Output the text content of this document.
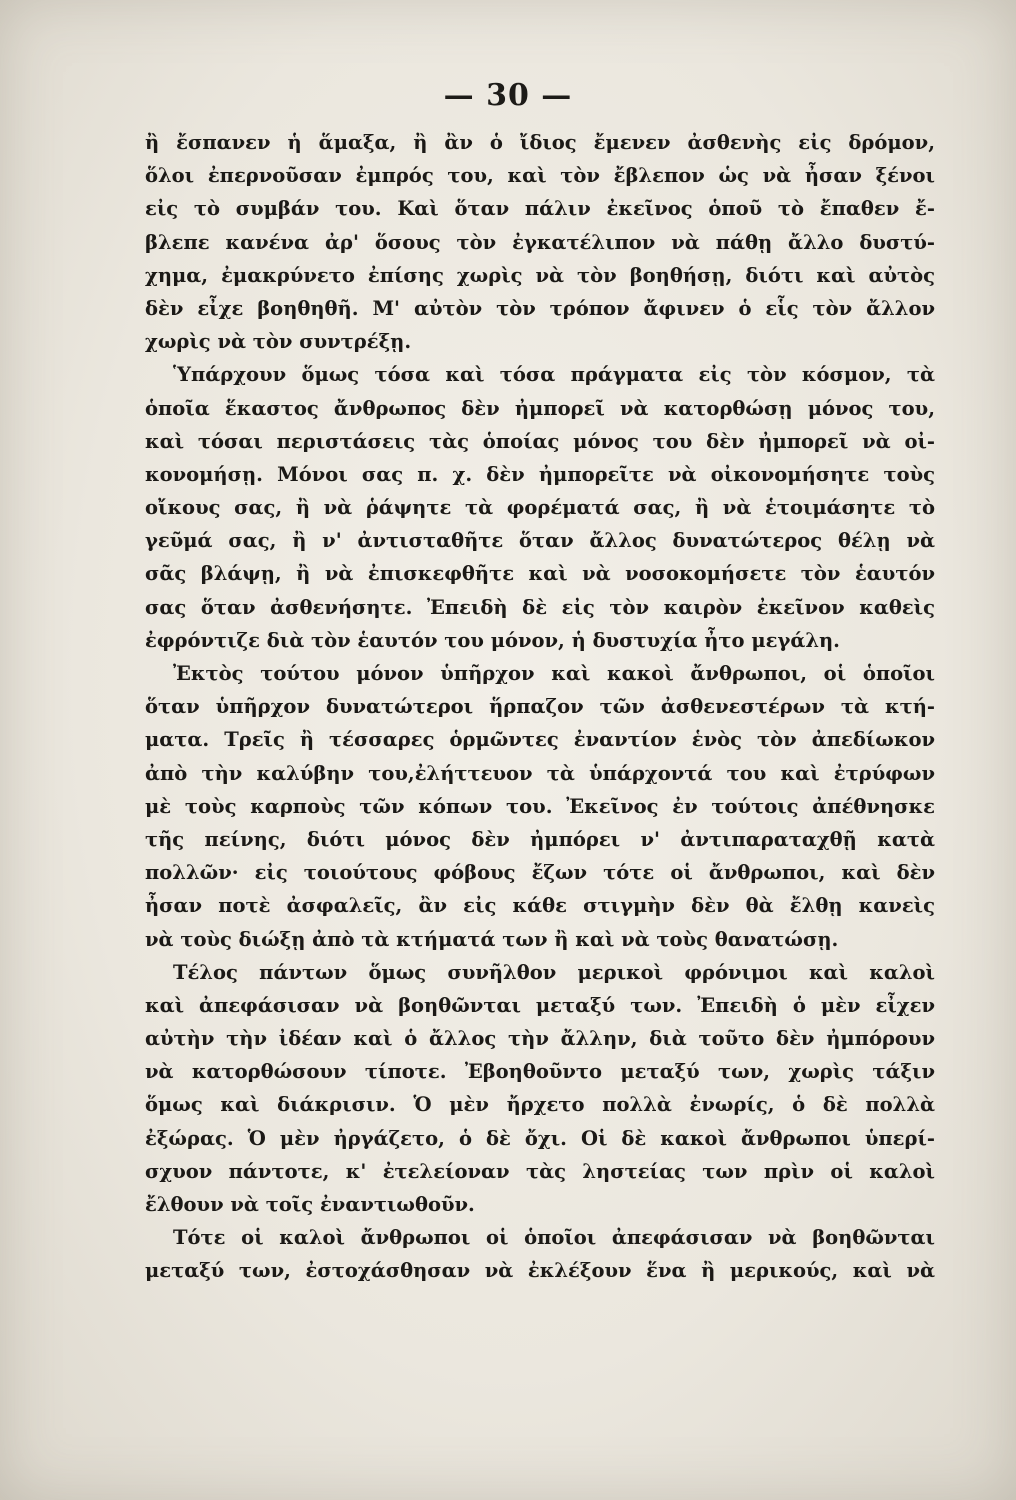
— 30 —
ἢ ἔσπανεν ἡ ἅμαξα, ἢ ἂν ὁ ἴδιος ἔμενεν ἀσθενὴς εἰς δρόμον,
ὅλοι ἐπερνοῦσαν ἐμπρός του, καὶ τὸν ἔβλεπον ὡς νὰ ἦσαν ξένοι
εἰς τὸ συμβάν του. Καὶ ὅταν πάλιν ἐκεῖνος ὁποῦ τὸ ἔπαθεν ἔ-
βλεπε κανένα ἀρ' ὅσους τὸν ἐγκατέλιπον νὰ πάθῃ ἄλλο δυστύ-
χημα, ἐμακρύνετο ἐπίσης χωρὶς νὰ τὸν βοηθήσῃ, διότι καὶ αὐτὸς
δὲν εἶχε βοηθηθῆ. Μ' αὐτὸν τὸν τρόπον ἄφινεν ὁ εἷς τὸν ἄλλον
χωρὶς νὰ τὸν συντρέξῃ.
Ὑπάρχουν ὅμως τόσα καὶ τόσα πράγματα εἰς τὸν κόσμον, τὰ
ὁποῖα ἕκαστος ἄνθρωπος δὲν ἠμπορεῖ νὰ κατορθώσῃ μόνος του,
καὶ τόσαι περιστάσεις τὰς ὁποίας μόνος του δὲν ἠμπορεῖ νὰ οἰ-
κονομήσῃ. Μόνοι σας π. χ. δὲν ἠμπορεῖτε νὰ οἰκονομήσητε τοὺς
οἴκους σας, ἢ νὰ ῥάψητε τὰ φορέματά σας, ἢ νὰ ἑτοιμάσητε τὸ
γεῦμά σας, ἢ ν' ἀντισταθῆτε ὅταν ἄλλος δυνατώτερος θέλῃ νὰ
σᾶς βλάψῃ, ἢ νὰ ἐπισκεφθῆτε καὶ νὰ νοσοκομήσετε τὸν ἑαυτόν
σας ὅταν ἀσθενήσητε. Ἐπειδὴ δὲ εἰς τὸν καιρὸν ἐκεῖνον καθεὶς
ἐφρόντιζε διὰ τὸν ἑαυτόν του μόνον, ἡ δυστυχία ἦτο μεγάλη.
Ἐκτὸς τούτου μόνον ὑπῆρχον καὶ κακοὶ ἄνθρωποι, οἱ ὁποῖοι
ὅταν ὑπῆρχον δυνατώτεροι ἥρπαζον τῶν ἀσθενεστέρων τὰ κτή-
ματα. Τρεῖς ἢ τέσσαρες ὁρμῶντες ἐναντίον ἑνὸς τὸν ἀπεδίωκον
ἀπὸ τὴν καλύβην του,ἐλήττευον τὰ ὑπάρχοντά του καὶ ἐτρύφων
μὲ τοὺς καρποὺς τῶν κόπων του. Ἐκεῖνος ἐν τούτοις ἀπέθνησκε
τῆς πείνης, διότι μόνος δὲν ἠμπόρει ν' ἀντιπαραταχθῇ κατὰ
πολλῶν· εἰς τοιούτους φόβους ἔζων τότε οἱ ἄνθρωποι, καὶ δὲν
ἦσαν ποτὲ ἀσφαλεῖς, ἂν εἰς κάθε στιγμὴν δὲν θὰ ἔλθῃ κανεὶς
νὰ τοὺς διώξῃ ἀπὸ τὰ κτήματά των ἢ καὶ νὰ τοὺς θανατώσῃ.
Τέλος πάντων ὅμως συνῆλθον μερικοὶ φρόνιμοι καὶ καλοὶ
καὶ ἀπεφάσισαν νὰ βοηθῶνται μεταξύ των. Ἐπειδὴ ὁ μὲν εἶχεν
αὐτὴν τὴν ἰδέαν καὶ ὁ ἄλλος τὴν ἄλλην, διὰ τοῦτο δὲν ἠμπόρουν
νὰ κατορθώσουν τίποτε. Ἐβοηθοῦντο μεταξύ των, χωρὶς τάξιν
ὅμως καὶ διάκρισιν. Ὁ μὲν ἤρχετο πολλὰ ἐνωρίς, ὁ δὲ πολλὰ
ἐξώρας. Ὁ μὲν ἠργάζετο, ὁ δὲ ὄχι. Οἱ δὲ κακοὶ ἄνθρωποι ὑπερί-
σχυον πάντοτε, κ' ἐτελείοναν τὰς ληστείας των πρὶν οἱ καλοὶ
ἔλθουν νὰ τοῖς ἐναντιωθοῦν.
Τότε οἱ καλοὶ ἄνθρωποι οἱ ὁποῖοι ἀπεφάσισαν νὰ βοηθῶνται
μεταξύ των, ἐστοχάσθησαν νὰ ἐκλέξουν ἕνα ἢ μερικούς, καὶ νὰ
